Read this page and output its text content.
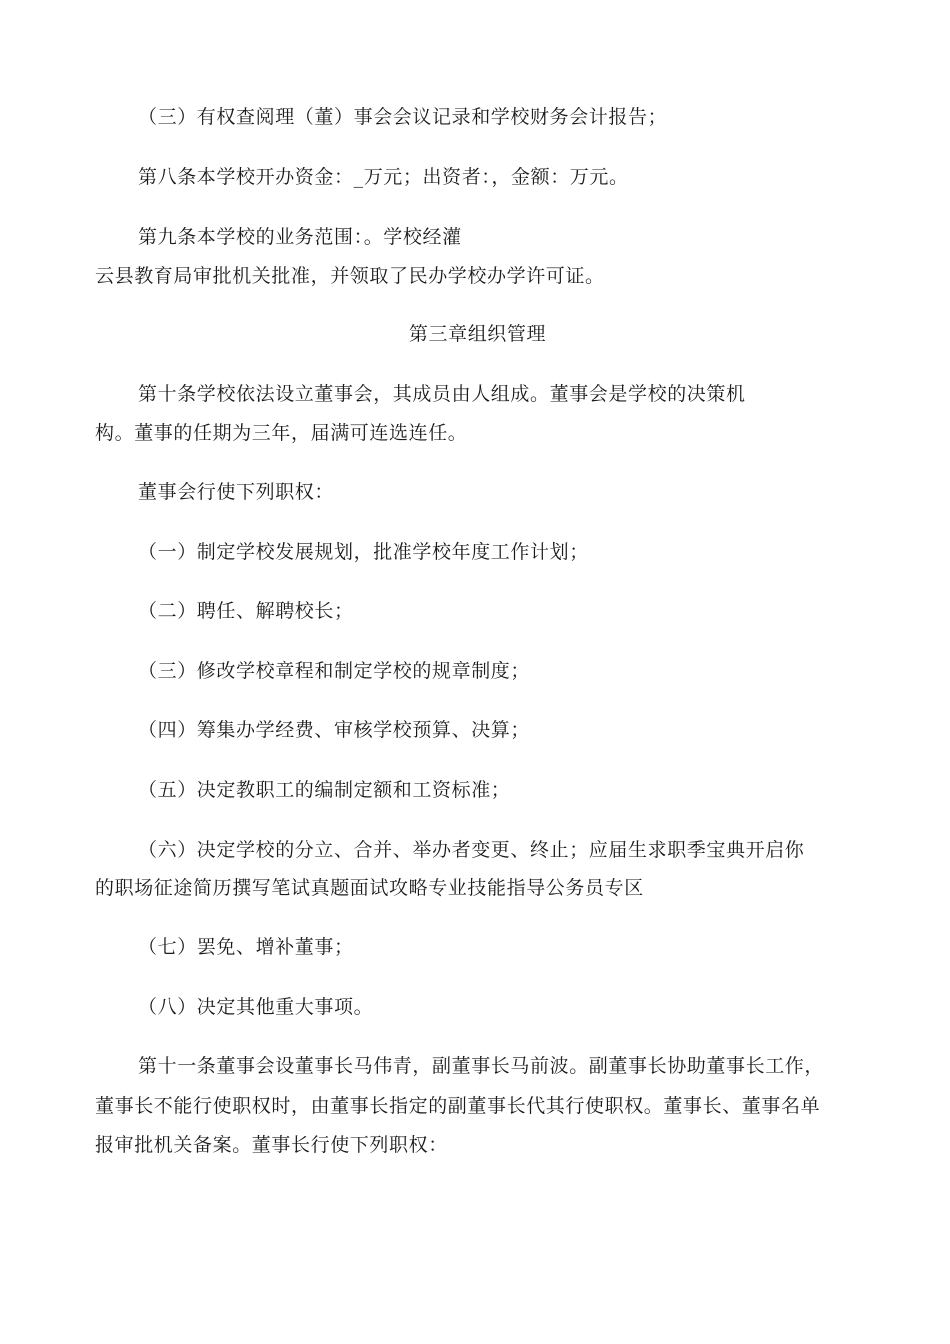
（三）有权查阅理（董）事会会议记录和学校财务会计报告；
第八条本学校开办资金：_万元；出资者：，金额：万元。
第九条本学校的业务范围：。学校经灌
云县教育局审批机关批准，并领取了民办学校办学许可证。
第三章组织管理
第十条学校依法设立董事会，其成员由人组成。董事会是学校的决策机
构。董事的任期为三年，届满可连选连任。
董事会行使下列职权：
（一）制定学校发展规划，批准学校年度工作计划；
（二）聘任、解聘校长；
（三）修改学校章程和制定学校的规章制度；
（四）筹集办学经费、审核学校预算、决算；
（五）决定教职工的编制定额和工资标准；
（六）决定学校的分立、合并、举办者变更、终止；应届生求职季宝典开启你
的职场征途简历撰写笔试真题面试攻略专业技能指导公务员专区
（七）罢免、增补董事；
（八）决定其他重大事项。
第十一条董事会设董事长马伟青，副董事长马前波。副董事长协助董事长工作，
董事长不能行使职权时，由董事长指定的副董事长代其行使职权。董事长、董事名单
报审批机关备案。董事长行使下列职权：
